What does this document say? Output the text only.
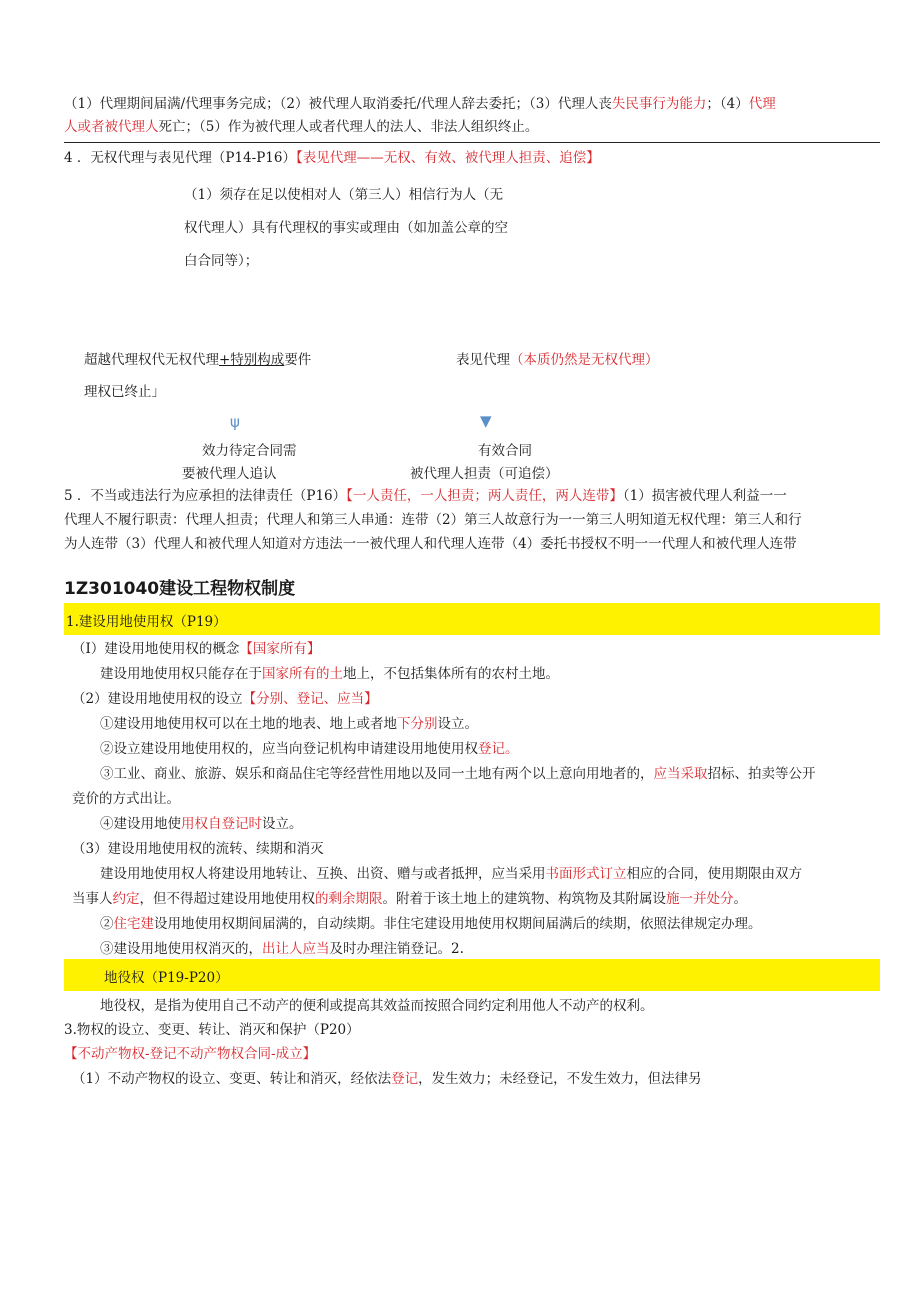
（1）代理期间届满/代理事务完成；（2）被代理人取消委托/代理人辞去委托；（3）代理人丧失民事行为能力；（4）代理
人或者被代理人死亡；（5）作为被代理人或者代理人的法人、非法人组织终止。
4 ．无权代理与表见代理（P14-P16）【表见代理——无权、有效、被代理人担责、追偿】
（1）须存在足以使相对人（第三人）相信行为人（无
权代理人）具有代理权的事实或理由（如加盖公章的空
白合同等）；
超越代理权代无权代理+特别构成要件
理权已终止」
表见代理（本质仍然是无权代理）
ψ	▼
效力待定合同需
要被代理人追认
有效合同
被代理人担责（可追偿）
5 ．不当或违法行为应承担的法律责任（P16）【一人责任，一人担责；两人责任，两人连带】（1）损害被代理人利益一一
代理人不履行职责：代理人担责；代理人和第三人串通：连带（2）第三人故意行为一一第三人明知道无权代理：第三人和行
为人连带（3）代理人和被代理人知道对方违法一一被代理人和代理人连带（4）委托书授权不明一一代理人和被代理人连带
1Z301040建设工程物权制度
1.建设用地使用权（P19）
（I）建设用地使用权的概念【国家所有】
建设用地使用权只能存在于国家所有的土地上，不包括集体所有的农村土地。
（2）建设用地使用权的设立【分别、登记、应当】
①建设用地使用权可以在土地的地表、地上或者地下分别设立。
②设立建设用地使用权的，应当向登记机构申请建设用地使用权登记。
③工业、商业、旅游、娱乐和商品住宅等经营性用地以及同一土地有两个以上意向用地者的，应当采取招标、拍卖等公开
竞价的方式出让。
④建设用地使用权自登记时设立。
（3）建设用地使用权的流转、续期和消灭
建设用地使用权人将建设用地转让、互换、出资、赠与或者抵押，应当采用书面形式订立相应的合同，使用期限由双方
当事人约定，但不得超过建设用地使用权的剩余期限。附着于该土地上的建筑物、构筑物及其附属设施一并处分。
②住宅建设用地使用权期间届满的，自动续期。非住宅建设用地使用权期间届满后的续期，依照法律规定办理。
③建设用地使用权消灭的，出让人应当及时办理注销登记。2.
地役权（P19-P20）
地役权，是指为使用自己不动产的便利或提高其效益而按照合同约定利用他人不动产的权利。
3.物权的设立、变更、转让、消灭和保护（P20）
【不动产物权-登记不动产物权合同-成立】
（1）不动产物权的设立、变更、转让和消灭，经依法登记，发生效力；未经登记，不发生效力，但法律另
